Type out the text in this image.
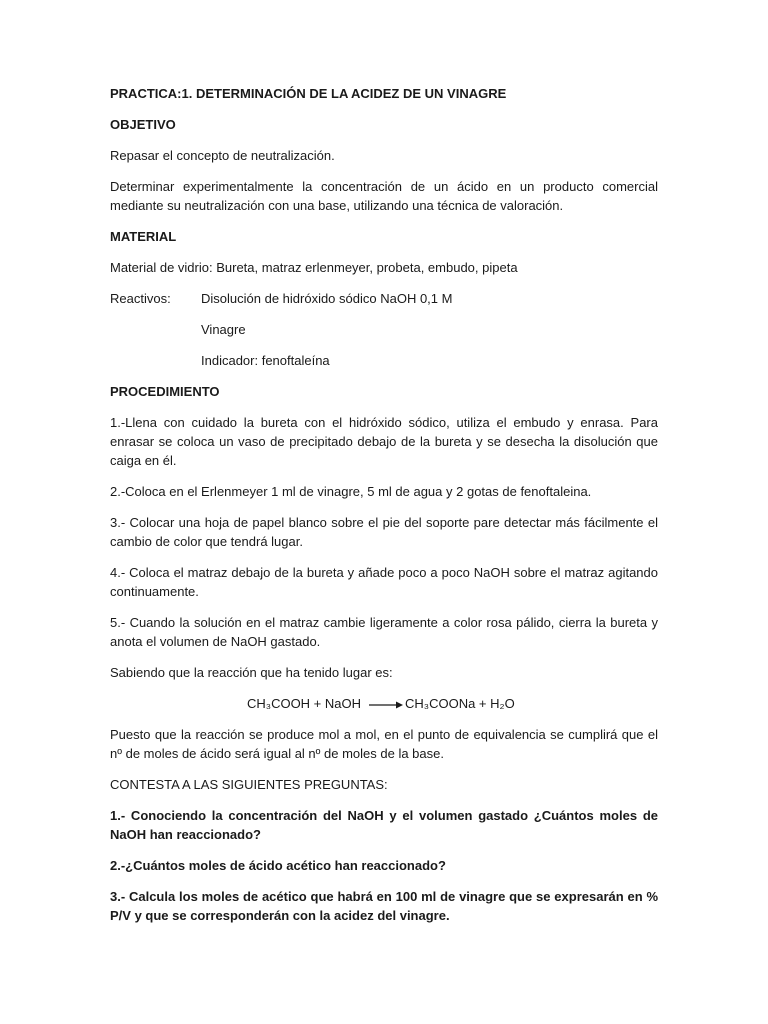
PRACTICA:1. DETERMINACIÓN DE LA ACIDEZ DE UN VINAGRE

OBJETIVO

Repasar el concepto de neutralización.

Determinar experimentalmente la concentración de un ácido en un producto comercial mediante su neutralización con una base, utilizando una técnica de valoración.

MATERIAL

Material de vidrio: Bureta, matraz erlenmeyer, probeta, embudo, pipeta

Reactivos:	Disolución de hidróxido sódico NaOH 0,1 M

Vinagre

Indicador: fenoftaleína

PROCEDIMIENTO

1.-Llena con cuidado la bureta con el hidróxido sódico, utiliza el embudo y enrasa. Para enrasar se coloca un vaso de precipitado debajo de la bureta y se desecha la disolución que caiga en él.

2.-Coloca en el Erlenmeyer 1 ml de vinagre, 5 ml de agua y 2 gotas de fenoftaleina.

3.- Colocar una hoja de papel blanco sobre el pie del soporte pare detectar más fácilmente el cambio de color que tendrá lugar.

4.- Coloca el matraz debajo de la bureta y añade poco a poco NaOH sobre el matraz agitando continuamente.

5.- Cuando la solución en el matraz cambie ligeramente a color rosa pálido, cierra la bureta y anota el volumen de NaOH gastado.

Sabiendo que la reacción que ha tenido lugar es:

CH₃COOH + NaOH	CH₃COONa + H₂O

Puesto que la reacción se produce mol a mol, en el punto de equivalencia se cumplirá que el nº de moles de ácido será igual al nº de moles de la base.

CONTESTA A LAS SIGUIENTES PREGUNTAS:

1.- Conociendo la concentración del NaOH y el volumen gastado ¿Cuántos moles de NaOH han reaccionado?

2.-¿Cuántos moles de ácido acético han reaccionado?

3.- Calcula los moles de acético que habrá en 100 ml de vinagre que se expresarán en % P/V y que se corresponderán con la acidez del vinagre.
